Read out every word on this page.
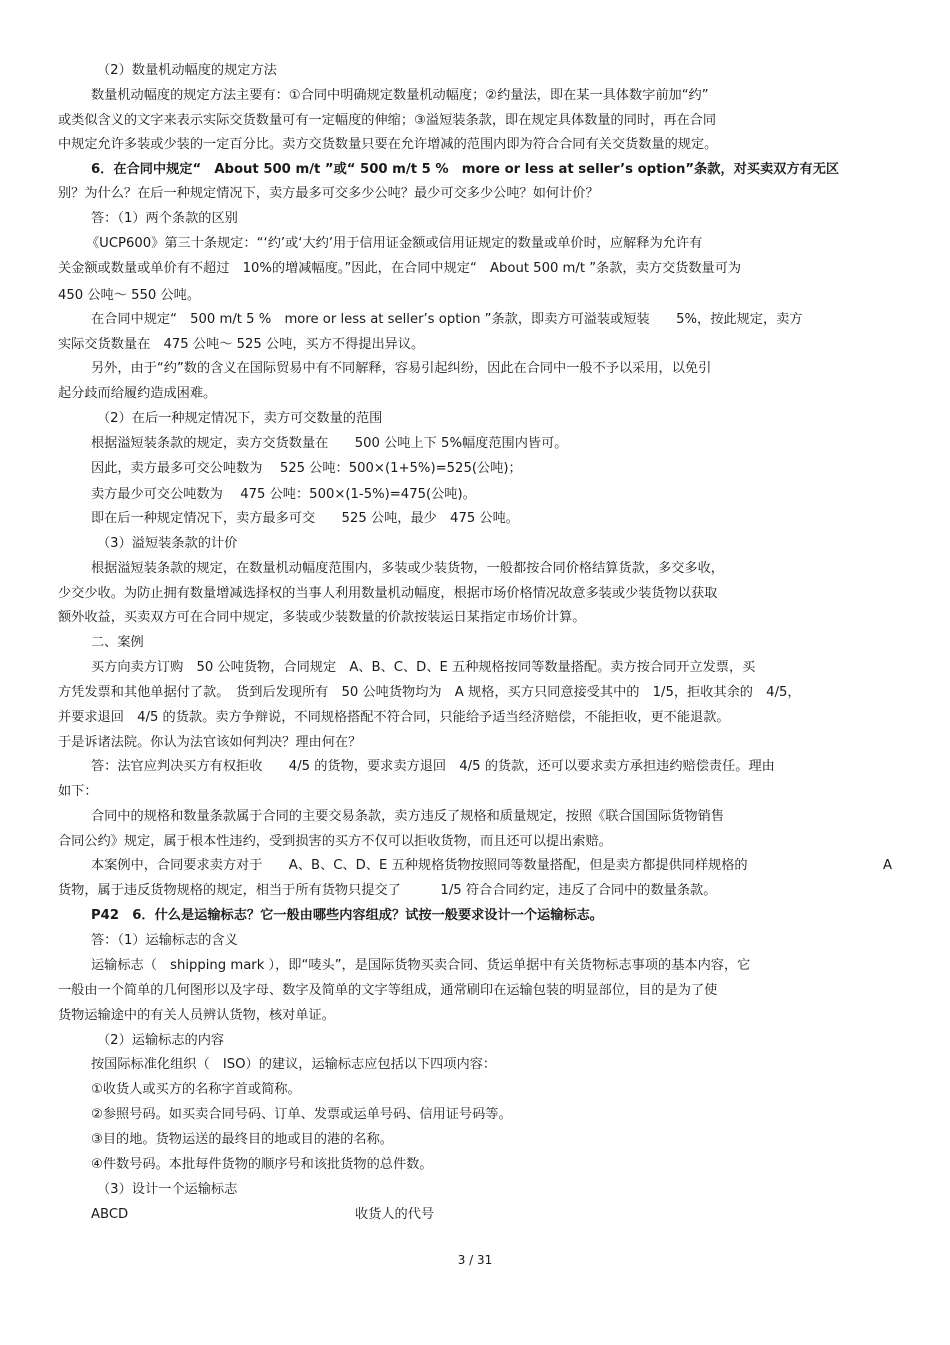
（2）数量机动幅度的规定方法
数量机动幅度的规定方法主要有：①合同中明确规定数量机动幅度；②约量法，即在某一具体数字前加“约”
或类似含义的文字来表示实际交货数量可有一定幅度的伸缩；③溢短装条款，即在规定具体数量的同时，再在合同
中规定允许多装或少装的一定百分比。卖方交货数量只要在允许增减的范围内即为符合合同有关交货数量的规定。
6．在合同中规定“　About 500 m/t ”或“ 500 m/t 5 %　more or less at seller’s option”条款，对买卖双方有无区
别？为什么？在后一种规定情况下，卖方最多可交多少公吨？最少可交多少公吨？如何计价？
答：（1）两个条款的区别
《UCP600》第三十条规定：“‘约’或‘大约’用于信用证金额或信用证规定的数量或单价时，应解释为允许有
关金额或数量或单价有不超过　10%的增减幅度。”因此，在合同中规定“　About 500 m/t ”条款，卖方交货数量可为
450 公吨～ 550 公吨。
在合同中规定“　500 m/t 5 %　more or less at seller’s option ”条款，即卖方可溢装或短装　　5%，按此规定，卖方
实际交货数量在　475 公吨～ 525 公吨，买方不得提出异议。
另外，由于“约”数的含义在国际贸易中有不同解释，容易引起纠纷，因此在合同中一般不予以采用，以免引
起分歧而给履约造成困难。
（2）在后一种规定情况下，卖方可交数量的范围
根据溢短装条款的规定，卖方交货数量在　　500 公吨上下 5%幅度范围内皆可。
因此，卖方最多可交公吨数为　 525 公吨：500×(1+5%)=525(公吨)；
卖方最少可交公吨数为　 475 公吨：500×(1-5%)=475(公吨)。
即在后一种规定情况下，卖方最多可交　　525 公吨，最少　475 公吨。
（3）溢短装条款的计价
根据溢短装条款的规定，在数量机动幅度范围内，多装或少装货物，一般都按合同价格结算货款，多交多收，
少交少收。为防止拥有数量增减选择权的当事人利用数量机动幅度，根据市场价格情况故意多装或少装货物以获取
额外收益，买卖双方可在合同中规定，多装或少装数量的价款按装运日某指定市场价计算。
二、案例
买方向卖方订购　50 公吨货物，合同规定　A、B、C、D、E 五种规格按同等数量搭配。卖方按合同开立发票，买
方凭发票和其他单据付了款。　货到后发现所有　50 公吨货物均为　A 规格，买方只同意接受其中的　1/5，拒收其余的　4/5，
并要求退回　4/5 的货款。卖方争辩说，不同规格搭配不符合同，只能给予适当经济赔偿，不能拒收，更不能退款。
于是诉诸法院。你认为法官该如何判决？理由何在？
答：法官应判决买方有权拒收　　4/5 的货物，要求卖方退回　4/5 的货款，还可以要求卖方承担违约赔偿责任。理由
如下：
合同中的规格和数量条款属于合同的主要交易条款，卖方违反了规格和质量规定，按照《联合国国际货物销售
合同公约》规定，属于根本性违约，受到损害的买方不仅可以拒收货物，而且还可以提出索赔。
本案例中，合同要求卖方对于　　A、B、C、D、E 五种规格货物按照同等数量搭配，但是卖方都提供同样规格的	A
货物，属于违反货物规格的规定，相当于所有货物只提交了　　　1/5 符合合同约定，违反了合同中的数量条款。
P42　6．什么是运输标志？它一般由哪些内容组成？试按一般要求设计一个运输标志。
答：（1）运输标志的含义
运输标志（　shipping mark ），即“唛头”，是国际货物买卖合同、货运单据中有关货物标志事项的基本内容，它
一般由一个简单的几何图形以及字母、数字及简单的文字等组成，通常刷印在运输包装的明显部位，目的是为了使
货物运输途中的有关人员辨认货物，核对单证。
（2）运输标志的内容
按国际标准化组织（　ISO）的建议，运输标志应包括以下四项内容：
①收货人或买方的名称字首或简称。
②参照号码。如买卖合同号码、订单、发票或运单号码、信用证号码等。
③目的地。货物运送的最终目的地或目的港的名称。
④件数号码。本批每件货物的顺序号和该批货物的总件数。
（3）设计一个运输标志
ABCD	收货人的代号
3 / 31
